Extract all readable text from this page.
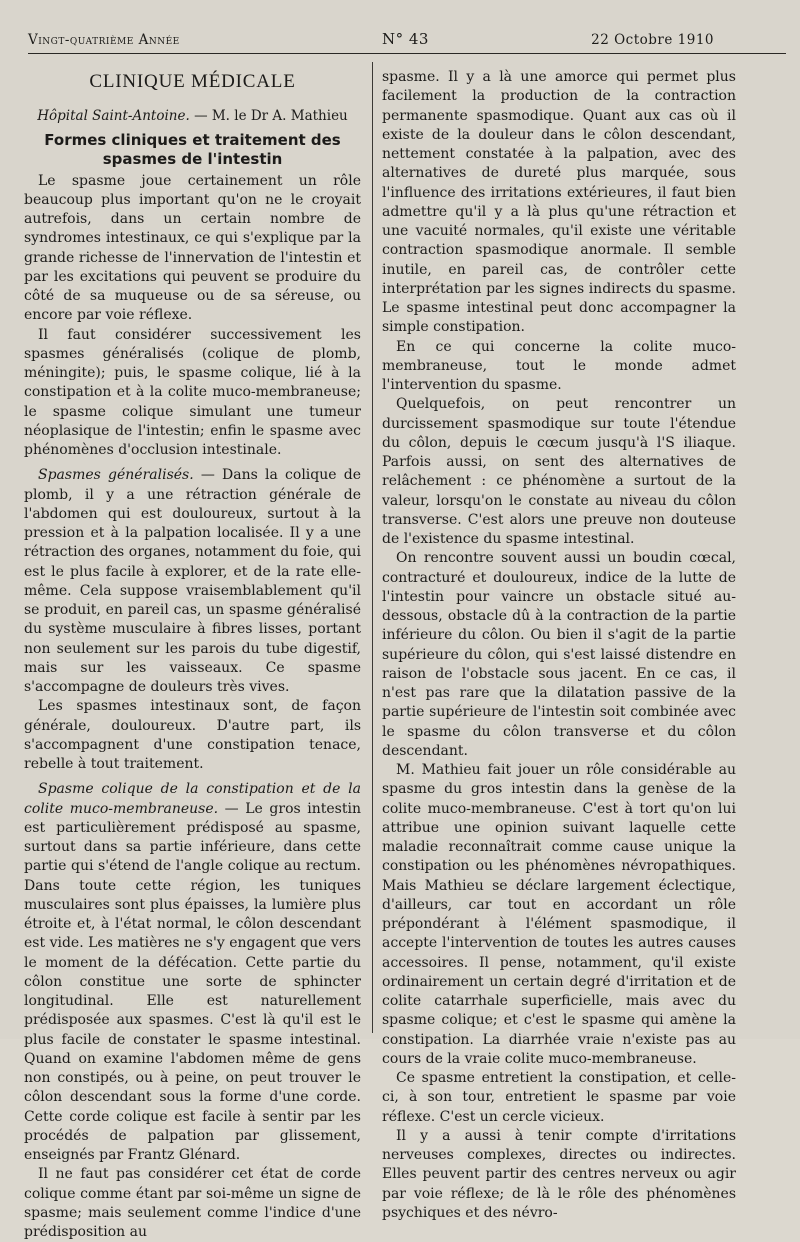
Vingt-quatrième Année	N° 43	22 Octobre 1910
CLINIQUE MÉDICALE
Hôpital Saint-Antoine. — M. le Dr A. Mathieu
Formes cliniques et traitement des spasmes de l'intestin

Le spasme joue certainement un rôle beaucoup plus important qu'on ne le croyait autrefois, dans un certain nombre de syndromes intestinaux, ce qui s'explique par la grande richesse de l'innervation de l'intestin et par les excitations qui peuvent se produire du côté de sa muqueuse ou de sa séreuse, ou encore par voie réflexe.

Il faut considérer successivement les spasmes généralisés (colique de plomb, méningite); puis, le spasme colique, lié à la constipation et à la colite muco-membraneuse; le spasme colique simulant une tumeur néoplasique de l'intestin; enfin le spasme avec phénomènes d'occlusion intestinale.

Spasmes généralisés. — Dans la colique de plomb, il y a une rétraction générale de l'abdomen qui est douloureux, surtout à la pression et à la palpation localisée. Il y a une rétraction des organes, notamment du foie, qui est le plus facile à explorer, et de la rate elle-même. Cela suppose vraisemblablement qu'il se produit, en pareil cas, un spasme généralisé du système musculaire à fibres lisses, portant non seulement sur les parois du tube digestif, mais sur les vaisseaux. Ce spasme s'accompagne de douleurs très vives.

Les spasmes intestinaux sont, de façon générale, douloureux. D'autre part, ils s'accompagnent d'une constipation tenace, rebelle à tout traitement.

Spasme colique de la constipation et de la colite muco-membraneuse. — Le gros intestin est particulièrement prédisposé au spasme, surtout dans sa partie inférieure, dans cette partie qui s'étend de l'angle colique au rectum. Dans toute cette région, les tuniques musculaires sont plus épaisses, la lumière plus étroite et, à l'état normal, le côlon descendant est vide. Les matières ne s'y engagent que vers le moment de la défécation. Cette partie du côlon constitue une sorte de sphincter longitudinal. Elle est naturellement prédisposée aux spasmes. C'est là qu'il est le plus facile de constater le spasme intestinal. Quand on examine l'abdomen même de gens non constipés, ou à peine, on peut trouver le côlon descendant sous la forme d'une corde. Cette corde colique est facile à sentir par les procédés de palpation par glissement, enseignés par Frantz Glénard.

Il ne faut pas considérer cet état de corde colique comme étant par soi-même un signe de spasme; mais seulement comme l'indice d'une prédisposition au

spasme. Il y a là une amorce qui permet plus facilement la production de la contraction permanente spasmodique. Quant aux cas où il existe de la douleur dans le côlon descendant, nettement constatée à la palpation, avec des alternatives de dureté plus marquée, sous l'influence des irritations extérieures, il faut bien admettre qu'il y a là plus qu'une rétraction et une vacuité normales, qu'il existe une véritable contraction spasmodique anormale. Il semble inutile, en pareil cas, de contrôler cette interprétation par les signes indirects du spasme. Le spasme intestinal peut donc accompagner la simple constipation.

En ce qui concerne la colite muco-membraneuse, tout le monde admet l'intervention du spasme.

Quelquefois, on peut rencontrer un durcissement spasmodique sur toute l'étendue du côlon, depuis le cœcum jusqu'à l'S iliaque. Parfois aussi, on sent des alternatives de relâchement : ce phénomène a surtout de la valeur, lorsqu'on le constate au niveau du côlon transverse. C'est alors une preuve non douteuse de l'existence du spasme intestinal.

On rencontre souvent aussi un boudin cœcal, contracturé et douloureux, indice de la lutte de l'intestin pour vaincre un obstacle situé au-dessous, obstacle dû à la contraction de la partie inférieure du côlon. Ou bien il s'agit de la partie supérieure du côlon, qui s'est laissé distendre en raison de l'obstacle sous jacent. En ce cas, il n'est pas rare que la dilatation passive de la partie supérieure de l'intestin soit combinée avec le spasme du côlon transverse et du côlon descendant.

M. Mathieu fait jouer un rôle considérable au spasme du gros intestin dans la genèse de la colite muco-membraneuse. C'est à tort qu'on lui attribue une opinion suivant laquelle cette maladie reconnaîtrait comme cause unique la constipation ou les phénomènes névropathiques. Mais Mathieu se déclare largement éclectique, d'ailleurs, car tout en accordant un rôle prépondérant à l'élément spasmodique, il accepte l'intervention de toutes les autres causes accessoires. Il pense, notamment, qu'il existe ordinairement un certain degré d'irritation et de colite catarrhale superficielle, mais avec du spasme colique; et c'est le spasme qui amène la constipation. La diarrhée vraie n'existe pas au cours de la vraie colite muco-membraneuse.

Ce spasme entretient la constipation, et celle-ci, à son tour, entretient le spasme par voie réflexe. C'est un cercle vicieux.

Il y a aussi à tenir compte d'irritations nerveuses complexes, directes ou indirectes. Elles peuvent partir des centres nerveux ou agir par voie réflexe; de là le rôle des phénomènes psychiques et des névro-
